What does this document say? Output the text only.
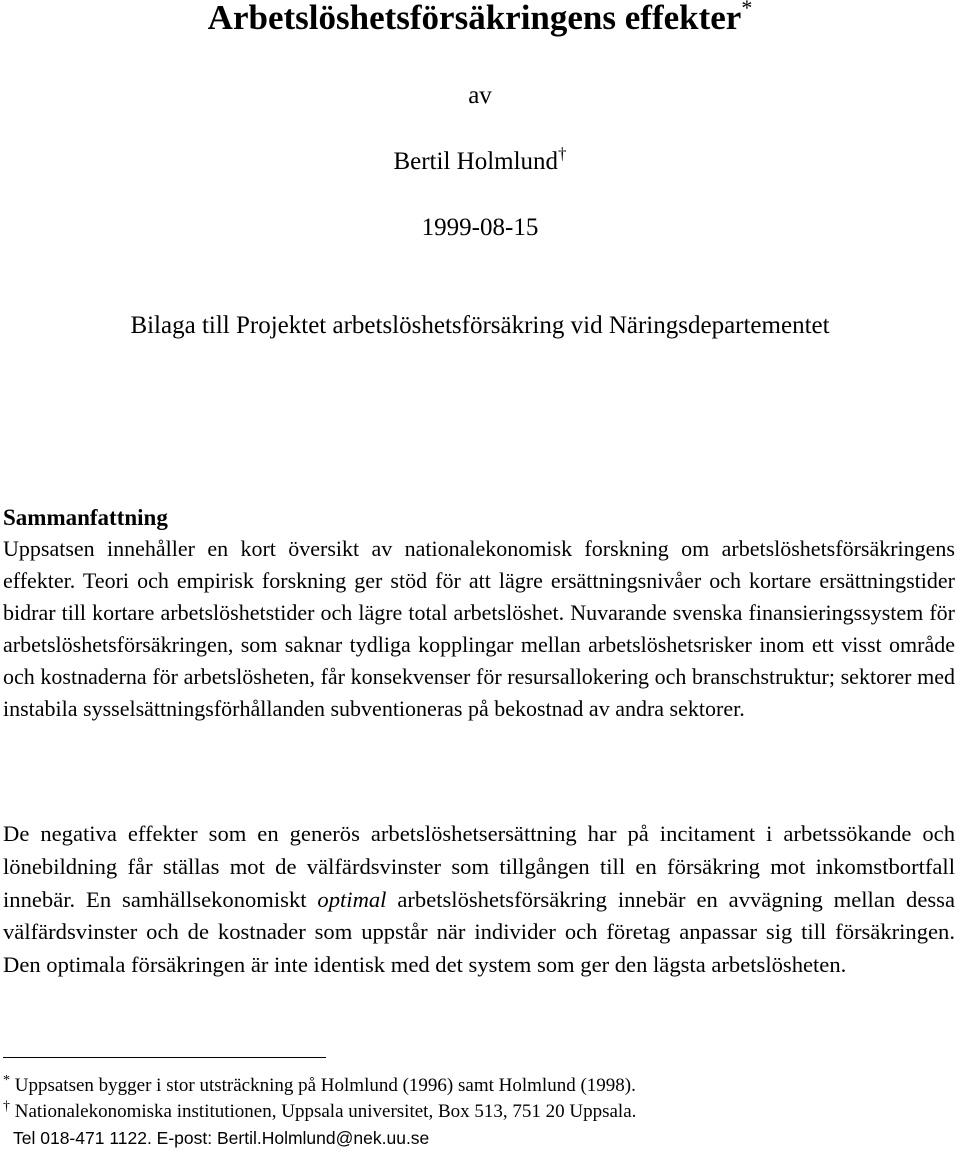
Arbetslöshetsförsäkringens effekter*
av
Bertil Holmlund†
1999-08-15
Bilaga till Projektet arbetslöshetsförsäkring vid Näringsdepartementet

Sammanfattning

Uppsatsen innehåller en kort översikt av nationalekonomisk forskning om arbetslöshetsförsäkringens effekter. Teori och empirisk forskning ger stöd för att lägre ersättningsnivåer och kortare ersättningstider bidrar till kortare arbetslöshetstider och lägre total arbetslöshet. Nuvarande svenska finansieringssystem för arbetslöshetsförsäkringen, som saknar tydliga kopplingar mellan arbetslöshetsrisker inom ett visst område och kostnaderna för arbetslösheten, får konsekvenser för resursallokering och branschstruktur; sektorer med instabila sysselsättningsförhållanden subventioneras på bekostnad av andra sektorer.

De negativa effekter som en generös arbetslöshetsersättning har på incitament i arbetssökande och lönebildning får ställas mot de välfärdsvinster som tillgången till en försäkring mot inkomstbortfall innebär. En samhällsekonomiskt optimal arbetslöshetsförsäkring innebär en avvägning mellan dessa välfärdsvinster och de kostnader som uppstår när individer och företag anpassar sig till försäkringen. Den optimala försäkringen är inte identisk med det system som ger den lägsta arbetslösheten.

* Uppsatsen bygger i stor utsträckning på Holmlund (1996) samt Holmlund (1998).

† Nationalekonomiska institutionen, Uppsala universitet, Box 513, 751 20 Uppsala.

Tel 018-471 1122. E-post: Bertil.Holmlund@nek.uu.se
